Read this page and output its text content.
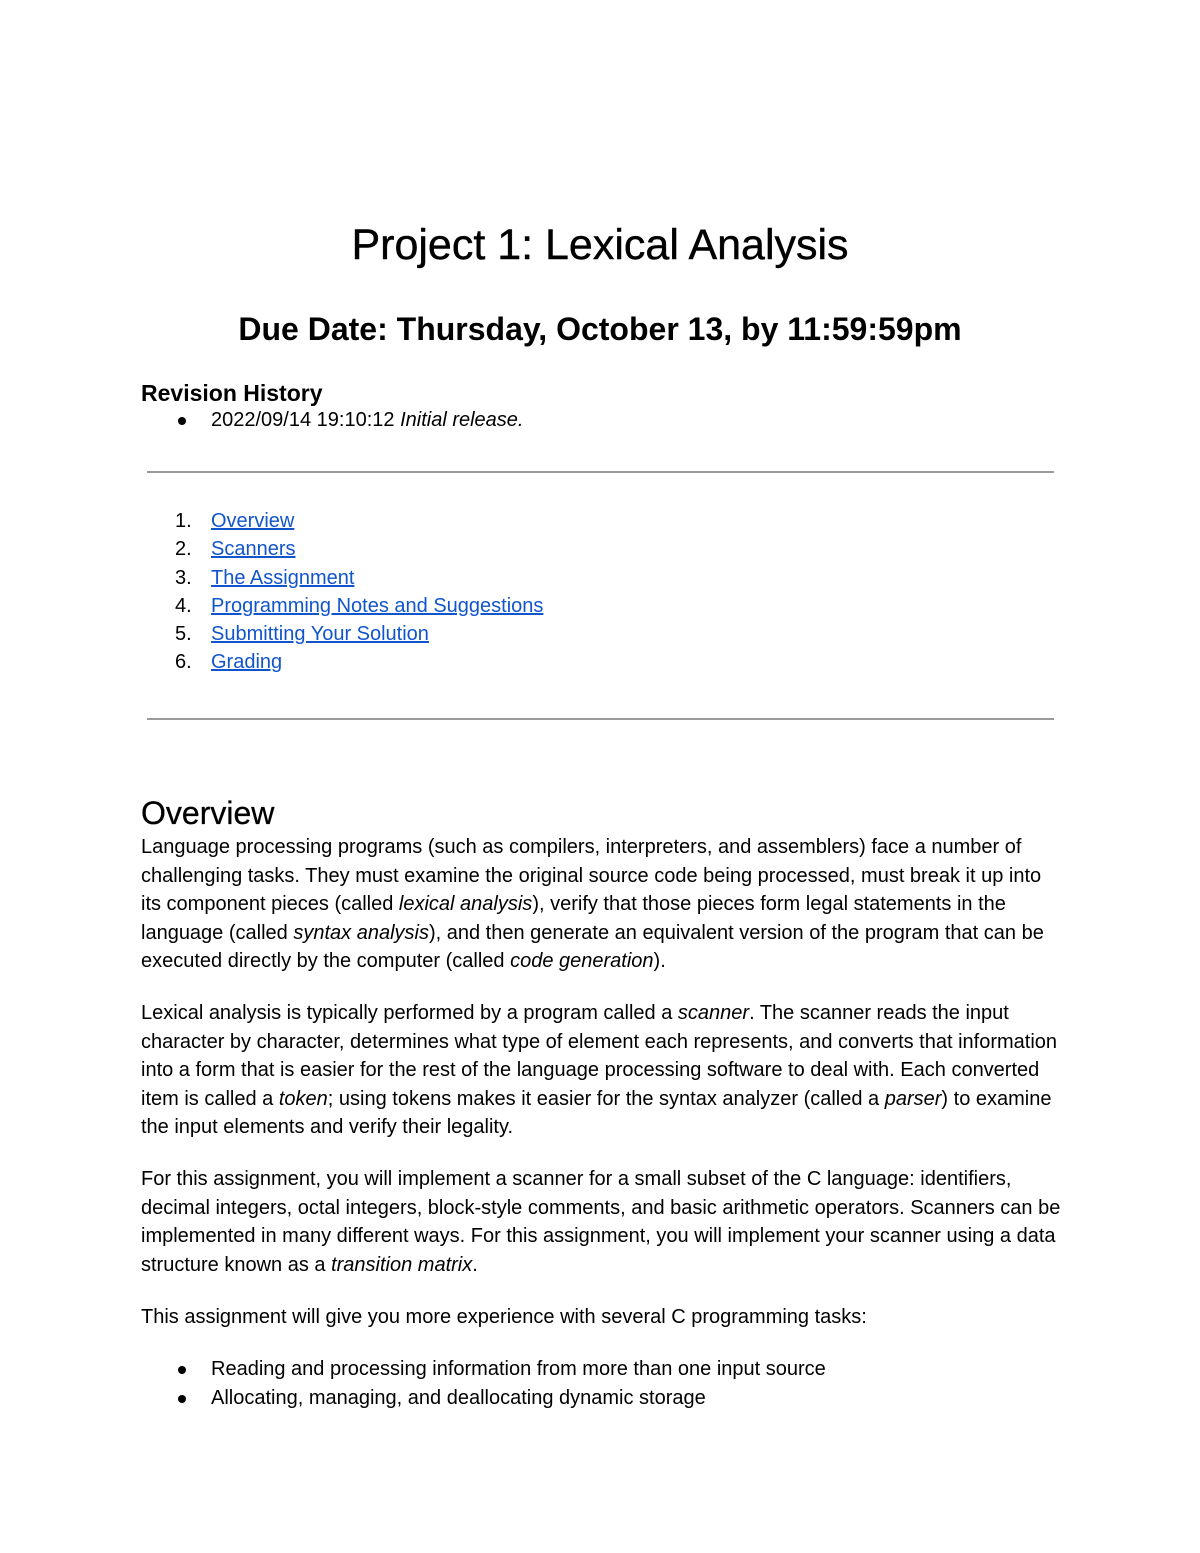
Project 1: Lexical Analysis
Due Date: Thursday, October 13, by 11:59:59pm
Revision History
2022/09/14 19:10:12 Initial release.
1. Overview
2. Scanners
3. The Assignment
4. Programming Notes and Suggestions
5. Submitting Your Solution
6. Grading
Overview

Language processing programs (such as compilers, interpreters, and assemblers) face a number of challenging tasks. They must examine the original source code being processed, must break it up into its component pieces (called lexical analysis), verify that those pieces form legal statements in the language (called syntax analysis), and then generate an equivalent version of the program that can be executed directly by the computer (called code generation).

Lexical analysis is typically performed by a program called a scanner. The scanner reads the input character by character, determines what type of element each represents, and converts that information into a form that is easier for the rest of the language processing software to deal with. Each converted item is called a token; using tokens makes it easier for the syntax analyzer (called a parser) to examine the input elements and verify their legality.

For this assignment, you will implement a scanner for a small subset of the C language: identifiers, decimal integers, octal integers, block-style comments, and basic arithmetic operators. Scanners can be implemented in many different ways. For this assignment, you will implement your scanner using a data structure known as a transition matrix.

This assignment will give you more experience with several C programming tasks:

Reading and processing information from more than one input source
Allocating, managing, and deallocating dynamic storage
